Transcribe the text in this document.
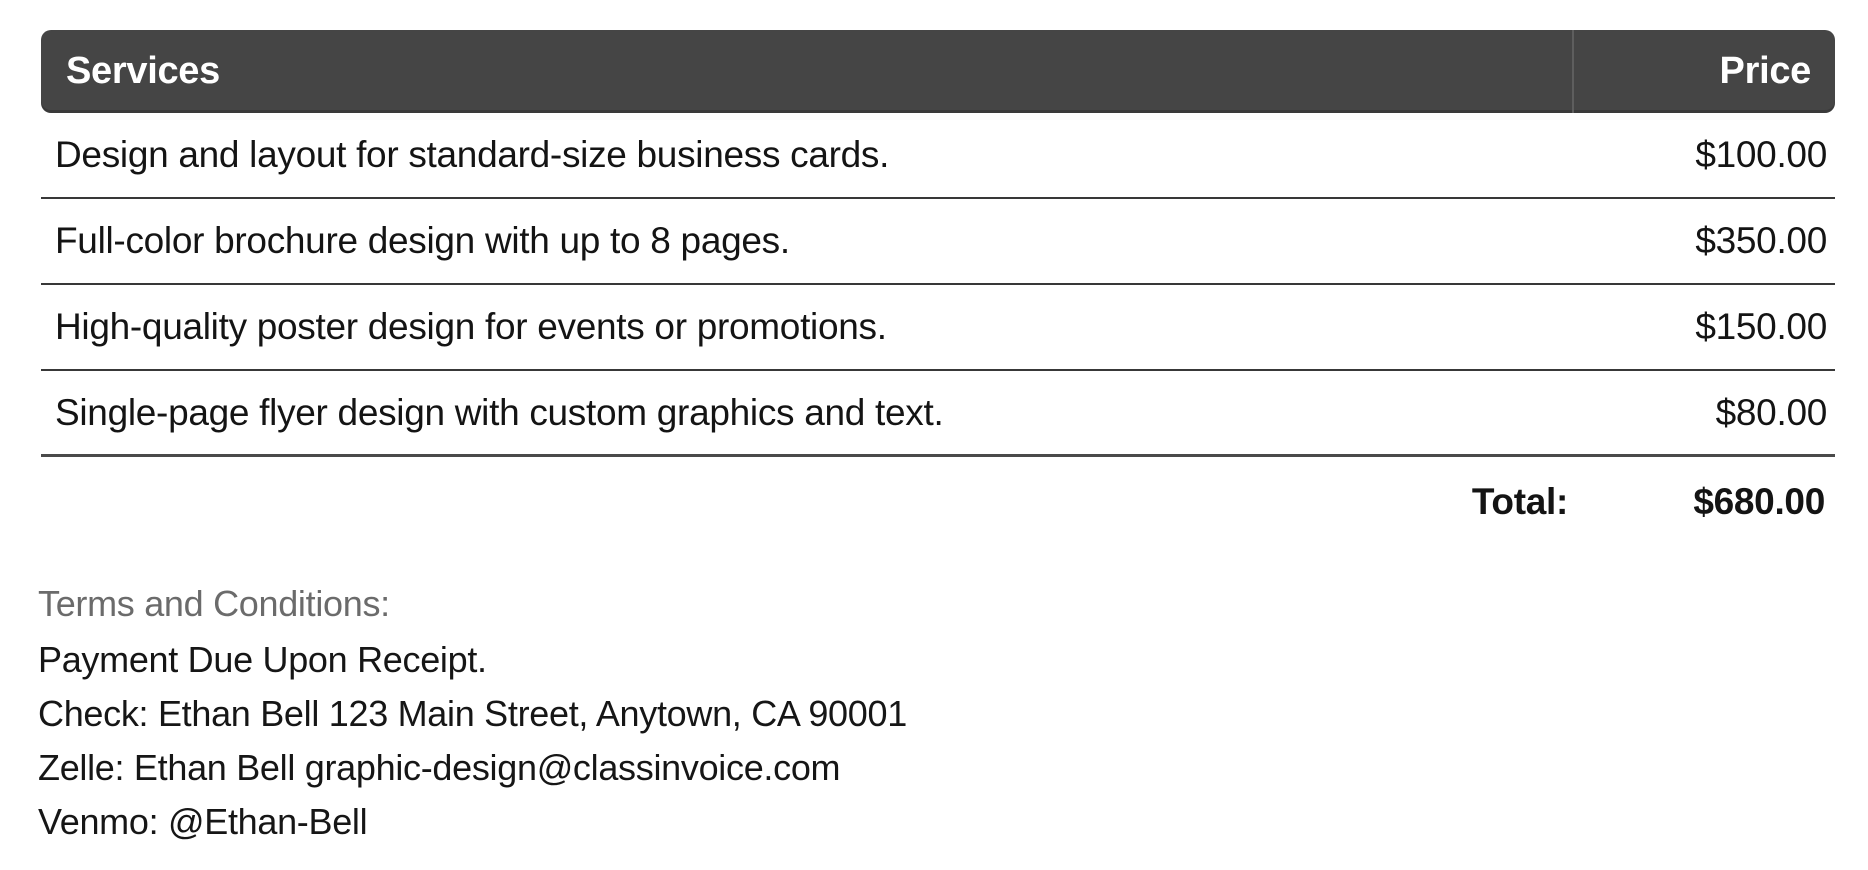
Services	Price
Design and layout for standard-size business cards.	$100.00
Full-color brochure design with up to 8 pages.	$350.00
High-quality poster design for events or promotions.	$150.00
Single-page flyer design with custom graphics and text.	$80.00
Total:	$680.00
Terms and Conditions:
Payment Due Upon Receipt.
Check: Ethan Bell 123 Main Street, Anytown, CA 90001
Zelle: Ethan Bell graphic-design@classinvoice.com
Venmo: @Ethan-Bell
